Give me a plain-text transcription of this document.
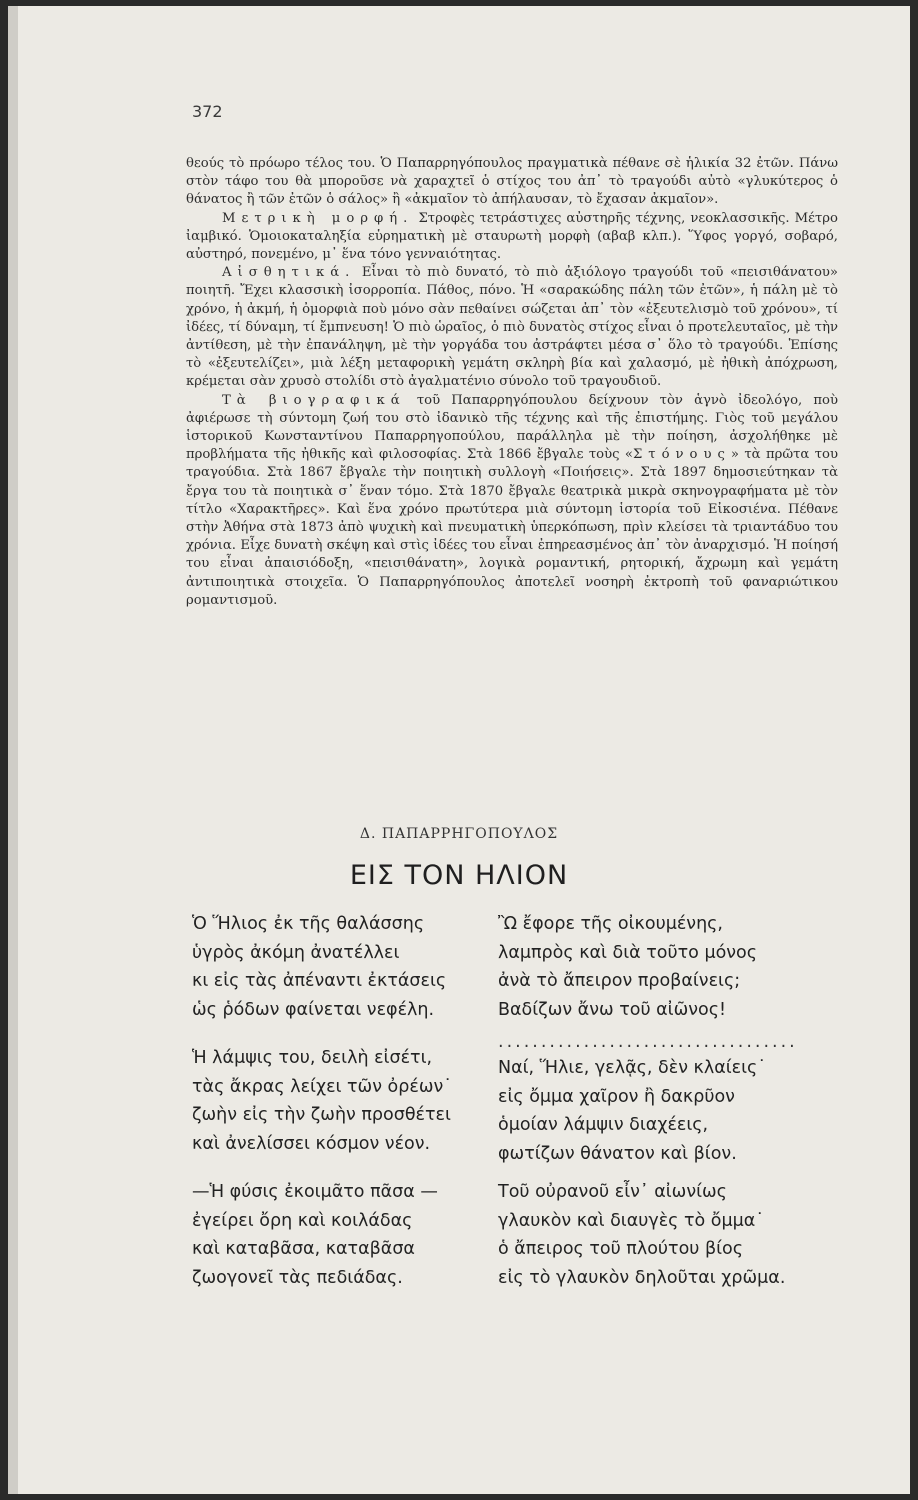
372

θεούς τὸ πρόωρο τέλος του. Ὁ Παπαρρηγόπουλος πραγματικὰ πέθανε σὲ ἡλικία 32 ἐτῶν. Πάνω στὸν τάφο του θὰ μποροῦσε νὰ χαραχτεῖ ὁ στίχος του ἀπ᾿ τὸ τραγούδι αὐτὸ «γλυκύτερος ὁ θάνατος ἢ τῶν ἐτῶν ὁ σάλος» ἢ «ἀκμαῖον τὸ ἀπήλαυσαν, τὸ ἔχασαν ἀκμαῖον».

Μετρικὴ μορφή. Στροφὲς τετράστιχες αὐστηρῆς τέχνης, νεοκλασσικῆς. Μέτρο ἰαμβικό. Ὁμοιοκαταληξία εὑρηματικὴ μὲ σταυρωτὴ μορφὴ (αβαβ κλπ.). Ὕφος γοργό, σοβαρό, αὐστηρό, πονεμένο, μ᾿ ἕνα τόνο γενναιότητας.

Αἰσθητικά. Εἶναι τὸ πιὸ δυνατό, τὸ πιὸ ἀξιόλογο τραγούδι τοῦ «πεισιθάνατου» ποιητῆ. Ἔχει κλασσικὴ ἰσορροπία. Πάθος, πόνο. Ἡ «σαρακώδης πάλη τῶν ἐτῶν», ἡ πάλη μὲ τὸ χρόνο, ἡ ἀκμή, ἡ ὀμορφιὰ ποὺ μόνο σὰν πεθαίνει σώζεται ἀπ᾿ τὸν «ἐξευτελισμὸ τοῦ χρόνου», τί ἰδέες, τί δύναμη, τί ἔμπνευση! Ὁ πιὸ ὡραῖος, ὁ πιὸ δυνατὸς στίχος εἶναι ὁ προτελευταῖος, μὲ τὴν ἀντίθεση, μὲ τὴν ἐπανάληψη, μὲ τὴν γοργάδα του ἀστράφτει μέσα σ᾿ ὅλο τὸ τραγούδι. Ἐπίσης τὸ «ἐξευτελίζει», μιὰ λέξη μεταφορικὴ γεμάτη σκληρὴ βία καὶ χαλασμό, μὲ ἠθικὴ ἀπόχρωση, κρέμεται σὰν χρυσὸ στολίδι στὸ ἀγαλματένιο σύνολο τοῦ τραγουδιοῦ.

Τὰ βιογραφικά τοῦ Παπαρρηγόπουλου δείχνουν τὸν ἁγνὸ ἰδεολόγο, ποὺ ἀφιέρωσε τὴ σύντομη ζωή του στὸ ἰδανικὸ τῆς τέχνης καὶ τῆς ἐπιστήμης. Γιὸς τοῦ μεγάλου ἱστορικοῦ Κωνσταντίνου Παπαρρηγοπούλου, παράλληλα μὲ τὴν ποίηση, ἀσχολήθηκε μὲ προβλήματα τῆς ἠθικῆς καὶ φιλοσοφίας. Στὰ 1866 ἔβγαλε τοὺς «Στόνους» τὰ πρῶτα του τραγούδια. Στὰ 1867 ἔβγαλε τὴν ποιητικὴ συλλογὴ «Ποιήσεις». Στὰ 1897 δημοσιεύτηκαν τὰ ἔργα του τὰ ποιητικὰ σ᾿ ἕναν τόμο. Στὰ 1870 ἔβγαλε θεατρικὰ μικρὰ σκηνογραφήματα μὲ τὸν τίτλο «Χαρακτῆρες». Καὶ ἕνα χρόνο πρωτύτερα μιὰ σύντομη ἱστορία τοῦ Εἰκοσιένα. Πέθανε στὴν Ἀθήνα στὰ 1873 ἀπὸ ψυχικὴ καὶ πνευματικὴ ὑπερκόπωση, πρὶν κλείσει τὰ τριαντάδυο του χρόνια. Εἶχε δυνατὴ σκέψη καὶ στὶς ἰδέες του εἶναι ἐπηρεασμένος ἀπ᾿ τὸν ἀναρχισμό. Ἡ ποίησή του εἶναι ἀπαισιόδοξη, «πεισιθάνατη», λογικὰ ρομαντική, ρητορική, ἄχρωμη καὶ γεμάτη ἀντιποιητικὰ στοιχεῖα. Ὁ Παπαρρηγόπουλος ἀποτελεῖ νοσηρὴ ἐκτροπὴ τοῦ φαναριώτικου ρομαντισμοῦ.

Δ. ΠΑΠΑΡΡΗΓΟΠΟΥΛΟΣ
ΕΙΣ ΤΟΝ ΗΛΙΟΝ
Ὁ Ἥλιος ἐκ τῆς θαλάσσης
ὑγρὸς ἀκόμη ἀνατέλλει
κι εἰς τὰς ἀπέναντι ἐκτάσεις
ὡς ῥόδων φαίνεται νεφέλη.
Ἡ λάμψις του, δειλὴ εἰσέτι,
τὰς ἄκρας λείχει τῶν ὀρέων˙
ζωὴν εἰς τὴν ζωὴν προσθέτει
καὶ ἀνελίσσει κόσμον νέον.
—Ἡ φύσις ἐκοιμᾶτο πᾶσα —
ἐγείρει ὄρη καὶ κοιλάδας
καὶ καταβᾶσα, καταβᾶσα
ζωογονεῖ τὰς πεδιάδας.
Ὢ ἔφορε τῆς οἰκουμένης,
λαμπρὸς καὶ διὰ τοῦτο μόνος
ἀνὰ τὸ ἄπειρον προβαίνεις;
Βαδίζων ἄνω τοῦ αἰῶνος!
...................................
Ναί, Ἥλιε, γελᾷς, δὲν κλαίεις˙
εἰς ὄμμα χαῖρον ἢ δακρῦον
ὁμοίαν λάμψιν διαχέεις,
φωτίζων θάνατον καὶ βίον.
Τοῦ οὐρανοῦ εἶν᾿ αἰωνίως
γλαυκὸν καὶ διαυγὲς τὸ ὄμμα˙
ὁ ἄπειρος τοῦ πλούτου βίος
εἰς τὸ γλαυκὸν δηλοῦται χρῶμα.
